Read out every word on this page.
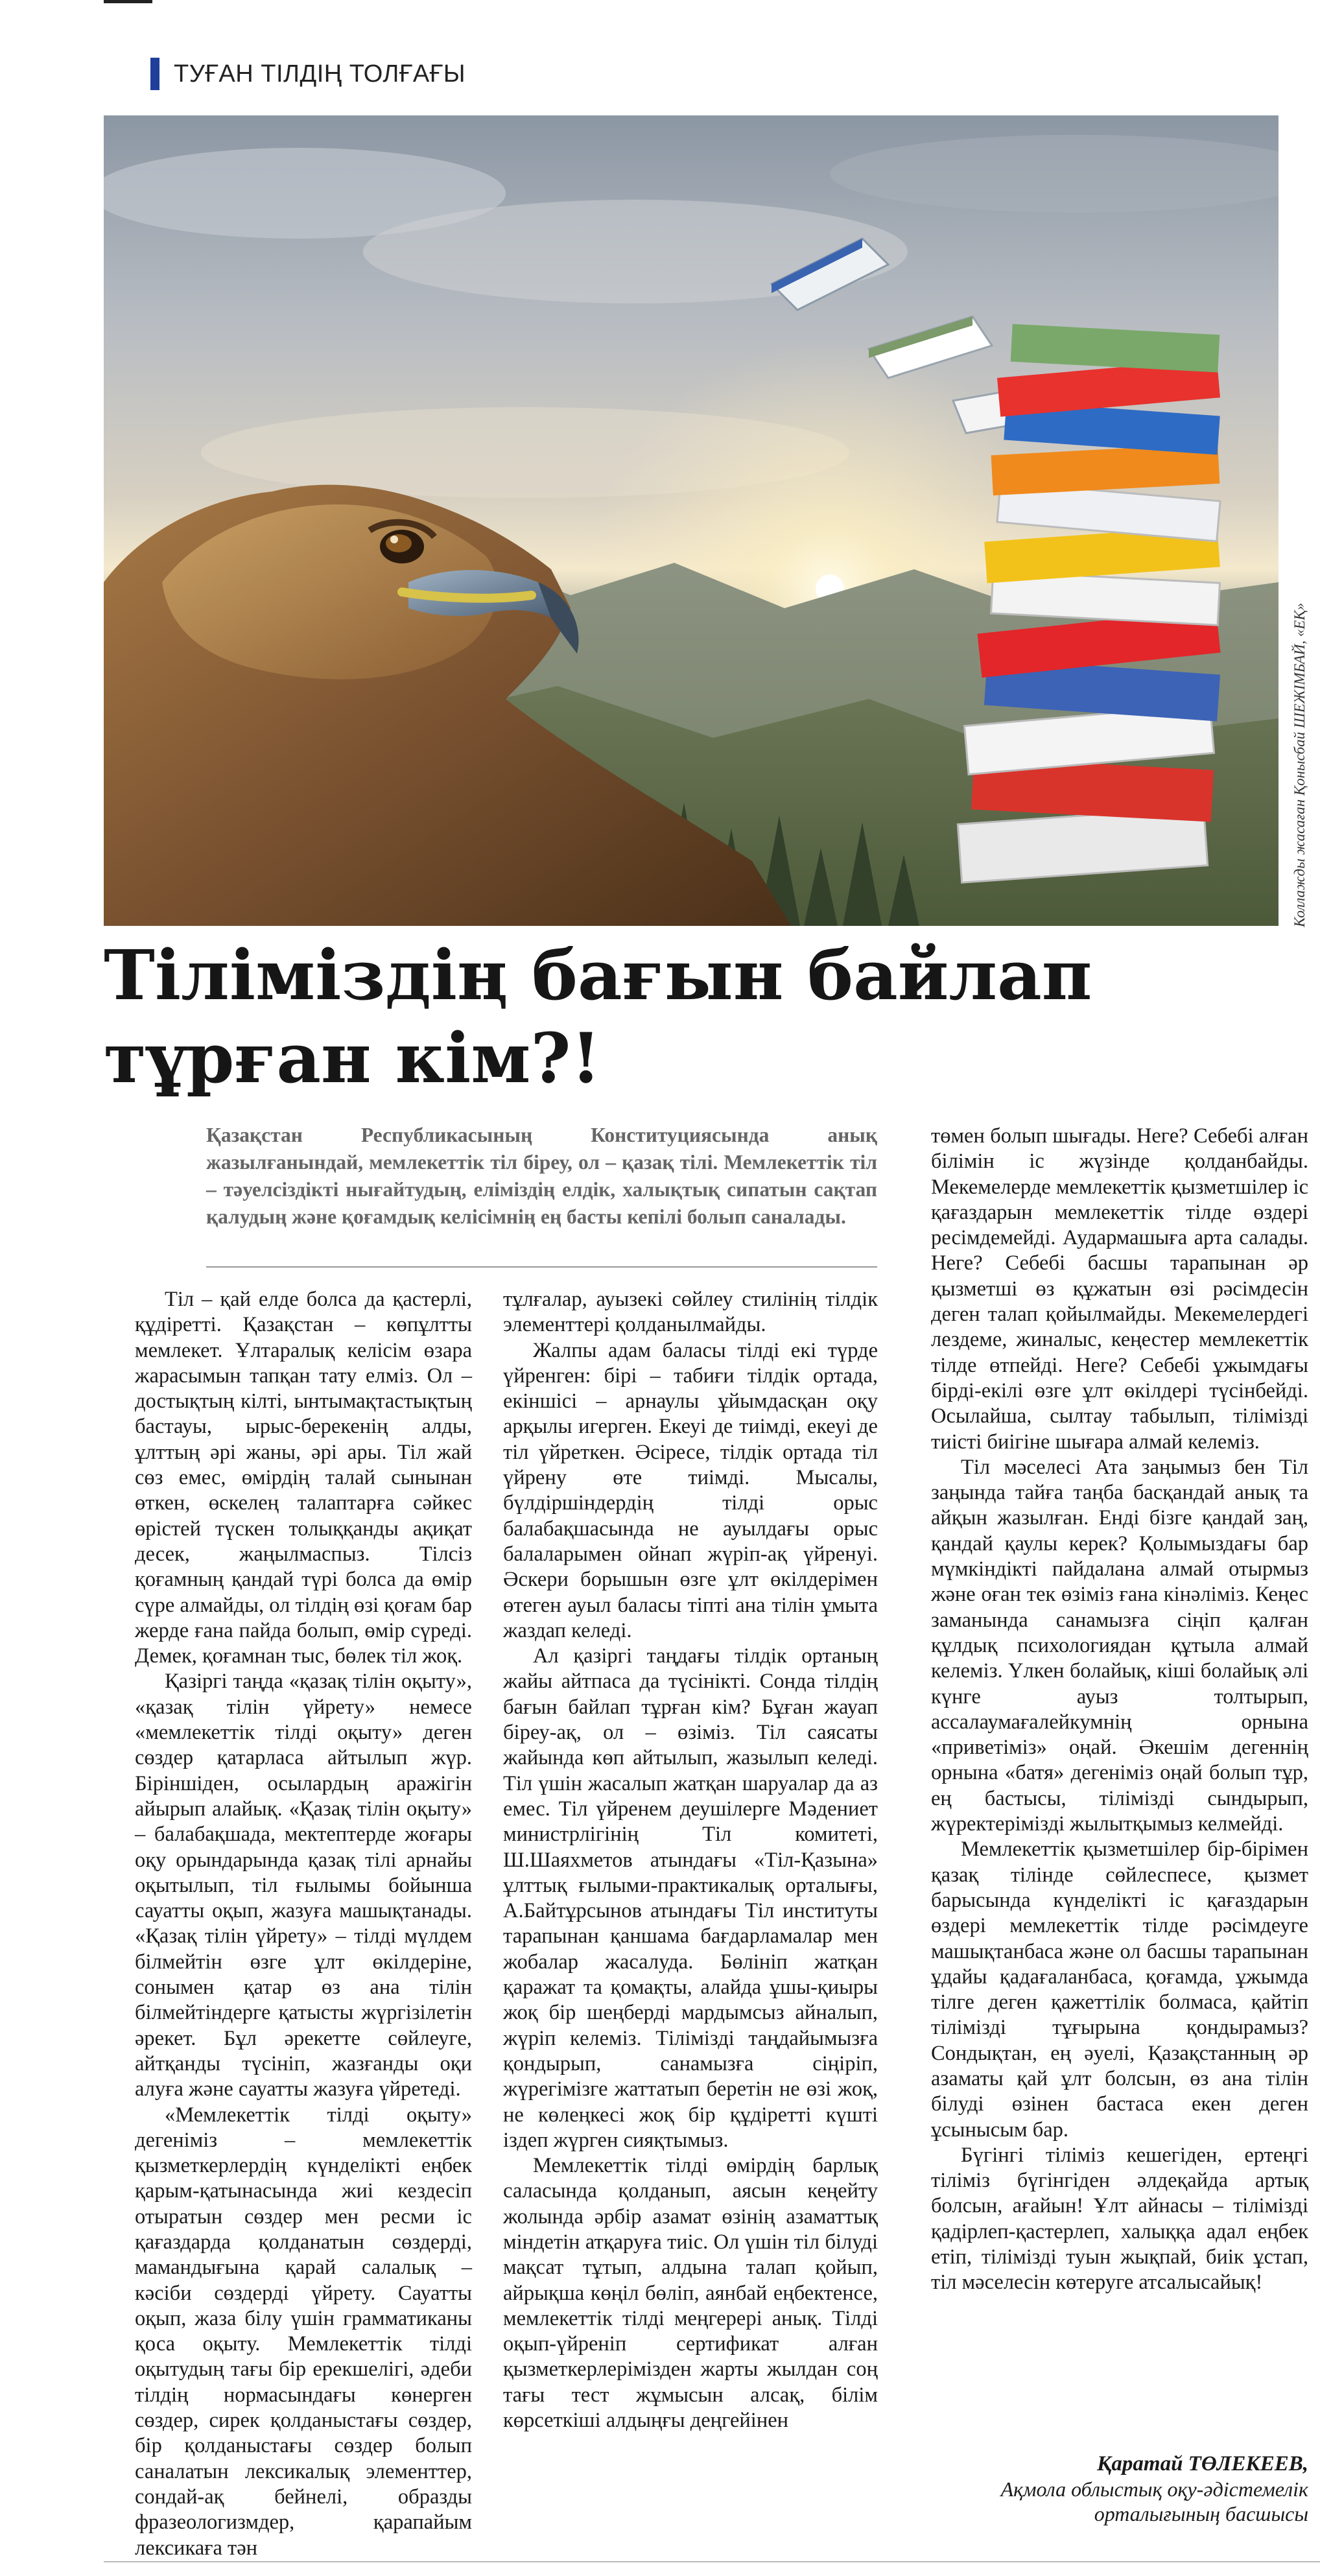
ТУҒАН ТІЛДІҢ ТОЛҒАҒЫ
Коллажды жасаған Қонысбай ШЕЖІМБАЙ, «ЕҚ»
Тіліміздің бағын байлап
тұрған кім?!

Қазақстан Республикасының Конституциясында анық жазылғанындай, мемлекеттік тіл біреу, ол – қазақ тілі. Мемлекеттік тіл – тәуелсіздікті нығайтудың, еліміздің елдік, халықтық сипатын сақтап қалудың және қоғамдық келісімнің ең басты кепілі болып саналады.

Тіл – қай елде болса да қастерлі, құдіретті. Қазақстан – көпұлтты мемлекет. Ұлтаралық келісім өзара жарасымын тапқан тату елміз. Ол – достықтың кілті, ынтымақтастықтың бастауы, ырыс-берекенің алды, ұлттың әрі жаны, әрі ары. Тіл жай сөз емес, өмірдің талай сынынан өткен, өскелең талаптарға сәйкес өрістей түскен толыққанды ақиқат десек, жаңылмаспыз. Тілсіз қоғамның қандай түрі болса да өмір сүре алмайды, ол тілдің өзі қоғам бар жерде ғана пайда болып, өмір сүреді. Демек, қоғамнан тыс, бөлек тіл жоқ.

Қазіргі таңда «қазақ тілін оқыту», «қазақ тілін үйрету» немесе «мемлекеттік тілді оқыту» деген сөздер қатарласа айтылып жүр. Біріншіден, осылардың аражігін айырып алайық. «Қазақ тілін оқыту» – балабақшада, мектептерде жоғары оқу орындарында қазақ тілі арнайы оқытылып, тіл ғылымы бойынша сауатты оқып, жазуға машықтанады. «Қазақ тілін үйрету» – тілді мүлдем білмейтін өзге ұлт өкілдеріне, сонымен қатар өз ана тілін білмейтіндерге қатысты жүргізілетін әрекет. Бұл әрекетте сөйлеуге, айтқанды түсініп, жазғанды оқи алуға және сауатты жазуға үйретеді.

«Мемлекеттік тілді оқыту» дегеніміз – мемлекеттік қызметкерлердің күнделікті еңбек қарым-қатынасында жиі кездесіп отыратын сөздер мен ресми іс қағаздарда қолданатын сөздерді, мамандығына қарай салалық – кәсіби сөздерді үйрету. Сауатты оқып, жаза білу үшін грамматиканы қоса оқыту. Мемлекеттік тілді оқытудың тағы бір ерекшелігі, әдеби тілдің нормасындағы көнерген сөздер, сирек қолданыстағы сөздер, бір қолданыстағы сөздер болып саналатын лексикалық элементтер, сондай-ақ бейнелі, образды фразеологизмдер, қарапайым лексикаға тән

тұлғалар, ауызекі сөйлеу стилінің тілдік элементтері қолданылмайды.

Жалпы адам баласы тілді екі түрде үйренген: бірі – табиғи тілдік ортада, екіншісі – арнаулы ұйымдасқан оқу арқылы игерген. Екеуі де тиімді, екеуі де тіл үйреткен. Әсіресе, тілдік ортада тіл үйрену өте тиімді. Мысалы, бүлдіршіндердің тілді орыс балабақшасында не ауылдағы орыс балаларымен ойнап жүріп-ақ үйренуі. Әскери борышын өзге ұлт өкілдерімен өтеген ауыл баласы тіпті ана тілін ұмыта жаздап келеді.

Ал қазіргі таңдағы тілдік ортаның жайы айтпаса да түсінікті. Сонда тілдің бағын байлап тұрған кім? Бұған жауап біреу-ақ, ол – өзіміз. Тіл саясаты жайында көп айтылып, жазылып келеді. Тіл үшін жасалып жатқан шаруалар да аз емес. Тіл үйренем деушілерге Мәдениет министрлігінің Тіл комитеті, Ш.Шаяхметов атындағы «Тіл-Қазына» ұлттық ғылыми-практикалық орталығы, А.Байтұрсынов атындағы Тіл институты тарапынан қаншама бағдарламалар мен жобалар жасалуда. Бөлініп жатқан қаражат та қомақты, алайда ұшы-қиыры жоқ бір шеңберді мардымсыз айналып, жүріп келеміз. Тілімізді таңдайымызға қондырып, санамызға сіңіріп, жүрегімізге жаттатып беретін не өзі жоқ, не көлеңкесі жоқ бір құдіретті күшті іздеп жүрген сияқтымыз.

Мемлекеттік тілді өмірдің барлық саласында қолданып, аясын кеңейту жолында әрбір азамат өзінің азаматтық міндетін атқаруға тиіс. Ол үшін тіл білуді мақсат тұтып, алдына талап қойып, айрықша көңіл бөліп, аянбай еңбектенсе, мемлекеттік тілді меңгерері анық. Тілді оқып-үйреніп сертификат алған қызметкерлерімізден жарты жылдан соң тағы тест жұмысын алсақ, білім көрсеткіші алдыңғы деңгейінен

төмен болып шығады. Неге? Себебі алған білімін іс жүзінде қолданбайды. Мекемелерде мемлекеттік қызметшілер іс қағаздарын мемлекеттік тілде өздері ресімдемейді. Аудармашыға арта салады. Неге? Себебі басшы тарапынан әр қызметші өз құжатын өзі рәсімдесін деген талап қойылмайды. Мекемелердегі лездеме, жиналыс, кеңестер мемлекеттік тілде өтпейді. Неге? Себебі ұжымдағы бірді-екілі өзге ұлт өкілдері түсінбейді. Осылайша, сылтау табылып, тілімізді тиісті биігіне шығара алмай келеміз.

Тіл мәселесі Ата заңымыз бен Тіл заңында тайға таңба басқандай анық та айқын жазылған. Енді бізге қандай заң, қандай қаулы керек? Қолымыздағы бар мүмкіндікті пайдалана алмай отырмыз және оған тек өзіміз ғана кінәліміз. Кеңес заманында санамызға сіңіп қалған құлдық психологиядан құтыла алмай келеміз. Үлкен болайық, кіші болайық әлі күнге ауыз толтырып, ассалаумағалейкумнің орнына «приветіміз» оңай. Әкешім дегеннің орнына «батя» дегеніміз оңай болып тұр, ең бастысы, тілімізді сындырып, жүректерімізді жылытқымыз келмейді.

Мемлекеттік қызметшілер бір-бірімен қазақ тілінде сөйлеспесе, қызмет барысында күнделікті іс қағаздарын өздері мемлекеттік тілде рәсімдеуге машықтанбаса және ол басшы тарапынан ұдайы қадағаланбаса, қоғамда, ұжымда тілге деген қажеттілік болмаса, қайтіп тілімізді тұғырына қондырамыз? Сондықтан, ең әуелі, Қазақстанның әр азаматы қай ұлт болсын, өз ана тілін білуді өзінен бастаса екен деген ұсынысым бар.

Бүгінгі тіліміз кешегіден, ертеңгі тіліміз бүгінгіден әлдеқайда артық болсын, ағайын! Ұлт айнасы – тілімізді қадірлеп-қастерлеп, халыққа адал еңбек етіп, тілімізді туын жықпай, биік ұстап, тіл мәселесін көтеруге атсалысайық!

Қаратай ТӨЛЕКЕЕВ,
Ақмола облыстық оқу-әдістемелік
орталығының басшысы
